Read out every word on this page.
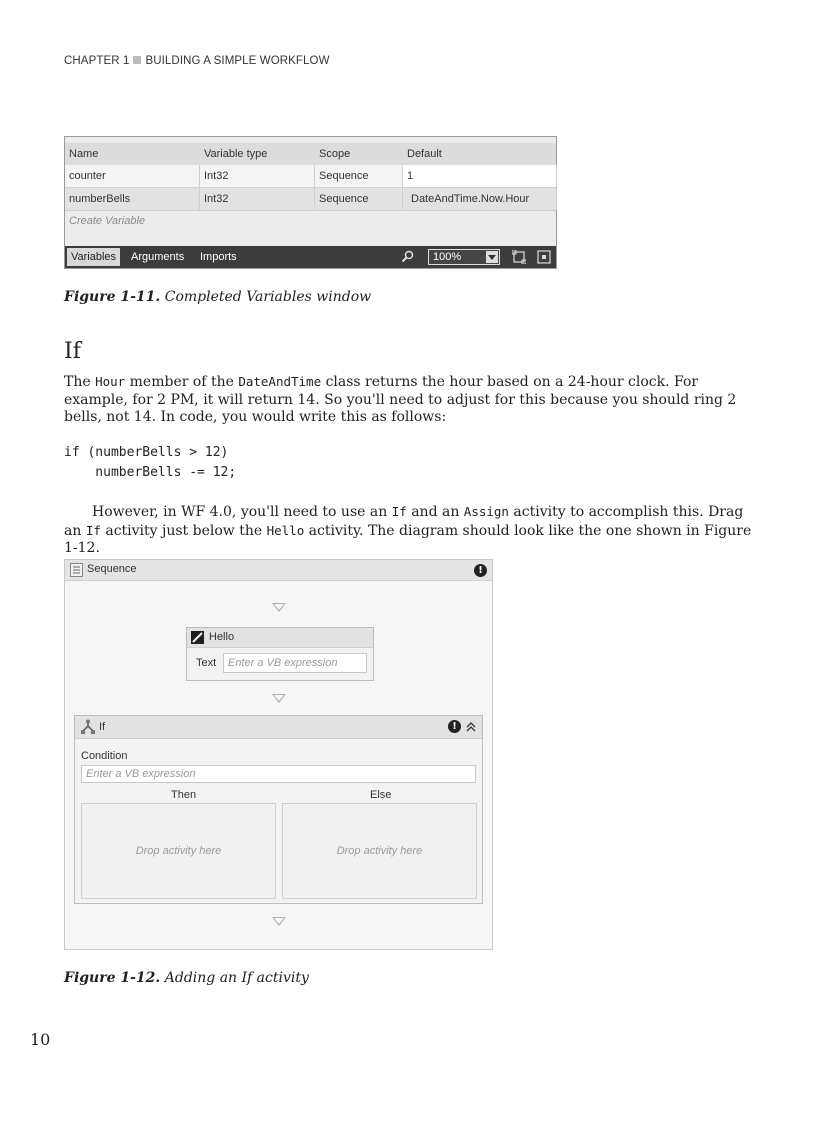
CHAPTER 1 BUILDING A SIMPLE WORKFLOW
Name	Variable type	Scope	Default
counter	Int32	Sequence	1
numberBells	Int32	Sequence	DateAndTime.Now.Hour
Create Variable
Variables	Arguments	Imports	100%
Figure 1-11. Completed Variables window
If
The Hour member of the DateAndTime class returns the hour based on a 24-hour clock. For example, for 2 PM, it will return 14. So you'll need to adjust for this because you should ring 2 bells, not 14. In code, you would write this as follows:
if (numberBells > 12)
numberBells -= 12;
However, in WF 4.0, you'll need to use an If and an Assign activity to accomplish this. Drag an If activity just below the Hello activity. The diagram should look like the one shown in Figure 1-12.
Sequence	!
Hello
Text	Enter a VB expression
If	!
Condition
Enter a VB expression
Then	Else
Drop activity here	Drop activity here
Figure 1-12. Adding an If activity
10
